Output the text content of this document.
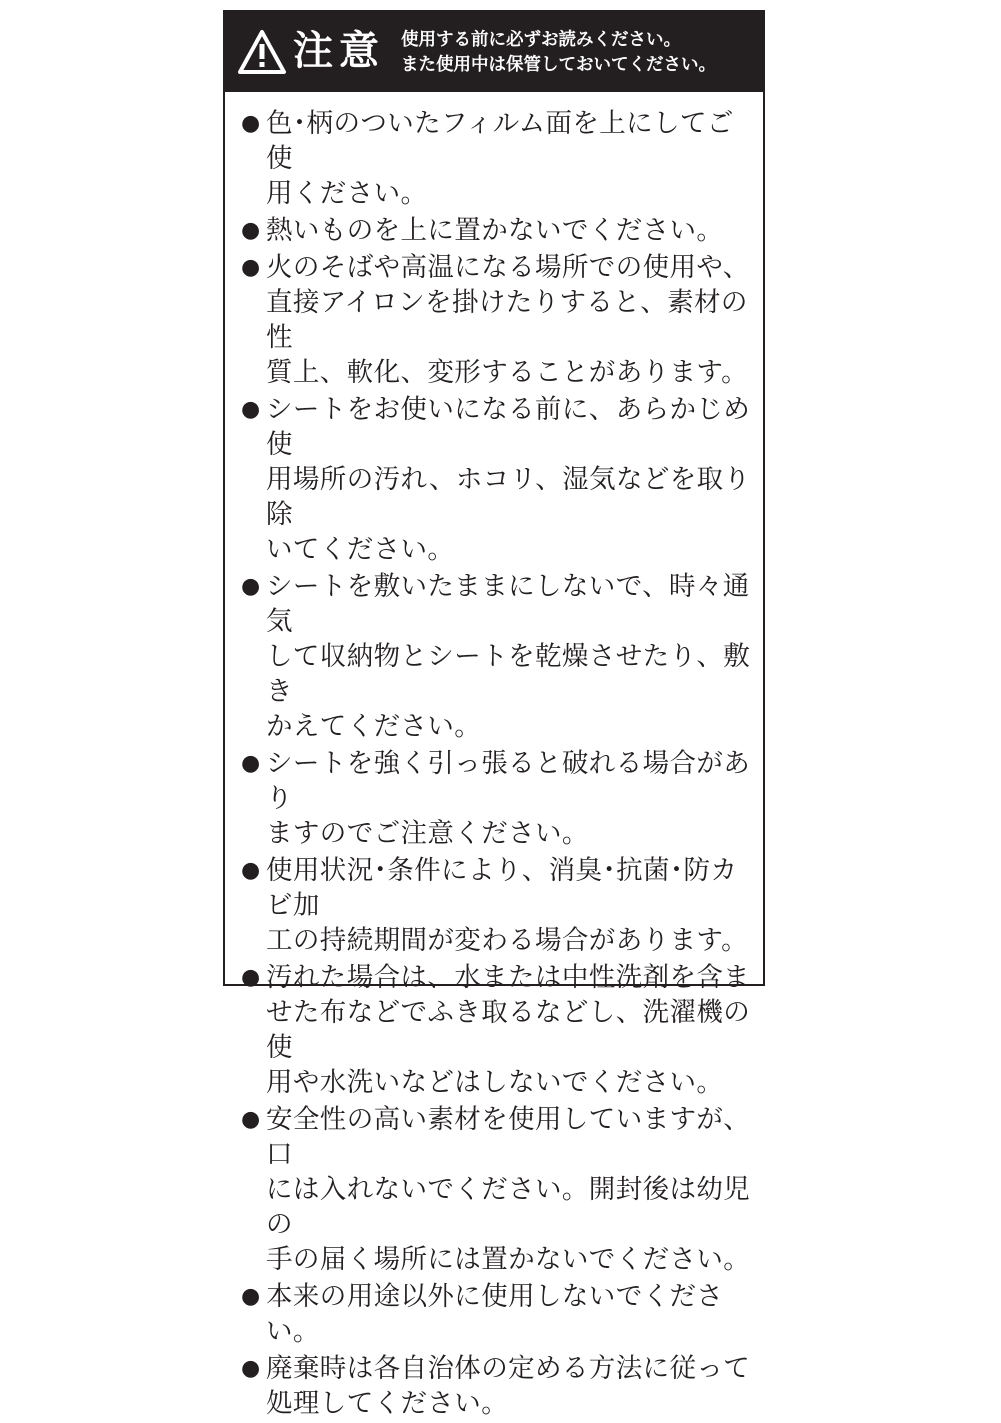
注意 使用する前に必ずお読みください。
また使用中は保管しておいてください。
● 色･柄のついたフィルム面を上にしてご使
用ください。
● 熱いものを上に置かないでください。
● 火のそばや高温になる場所での使用や、
直接アイロンを掛けたりすると、素材の性
質上、軟化、変形することがあります。
● シートをお使いになる前に、あらかじめ使
用場所の汚れ、ホコリ、湿気などを取り除
いてください。
● シートを敷いたままにしないで、時々通気
して収納物とシートを乾燥させたり、敷き
かえてください。
● シートを強く引っ張ると破れる場合があり
ますのでご注意ください。
● 使用状況･条件により、消臭･抗菌･防カビ加
工の持続期間が変わる場合があります。
● 汚れた場合は、水または中性洗剤を含ま
せた布などでふき取るなどし、洗濯機の使
用や水洗いなどはしないでください。
● 安全性の高い素材を使用していますが、口
には入れないでください。開封後は幼児の
手の届く場所には置かないでください。
● 本来の用途以外に使用しないでください。
● 廃棄時は各自治体の定める方法に従って
処理してください。
